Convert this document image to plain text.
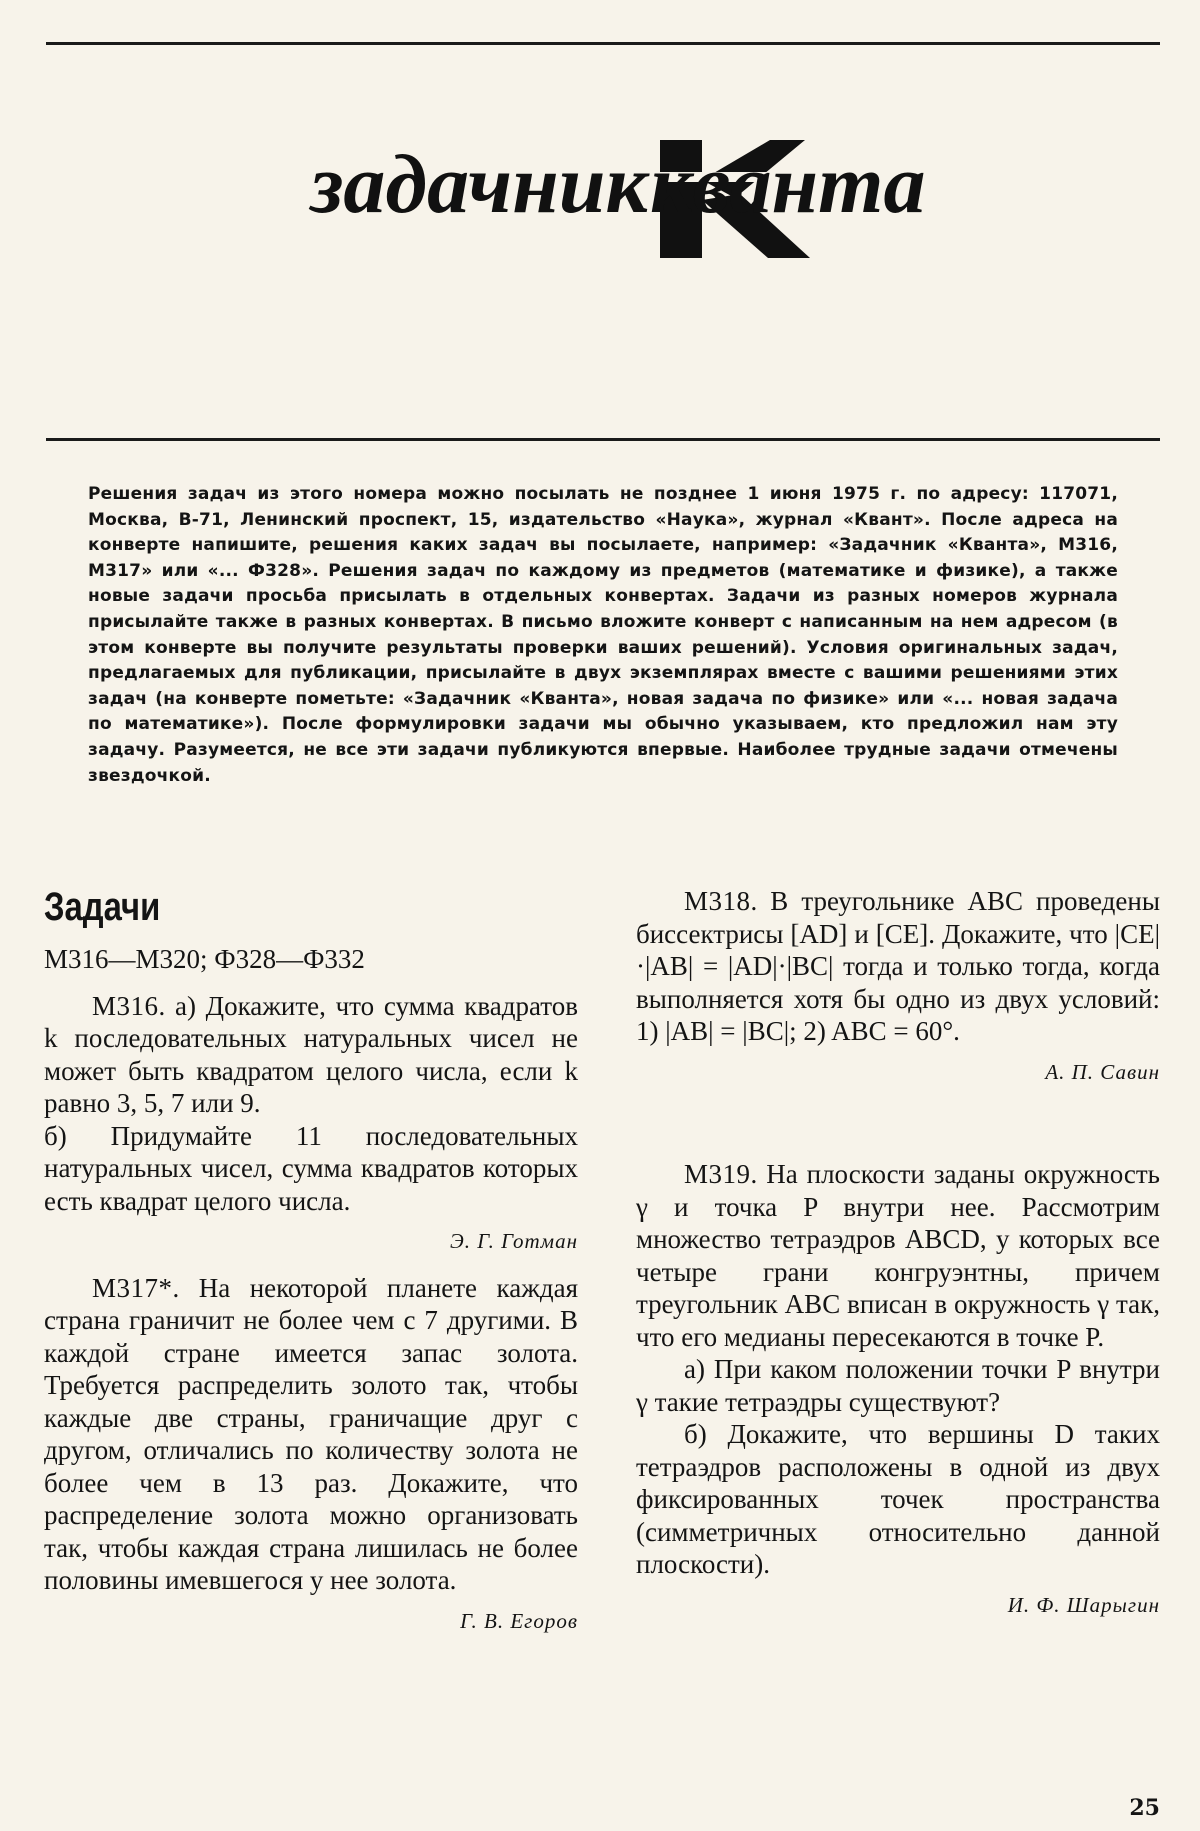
задачник кванта
Решения задач из этого номера можно посылать не позднее 1 июня 1975 г. по адресу: 117071, Москва, В-71, Ленинский проспект, 15, издательство «Наука», журнал «Квант». После адреса на конверте напишите, решения каких задач вы посылаете, например: «Задачник «Кванта», М316, М317» или «... Ф328». Решения задач по каждому из предметов (математике и физике), а также новые задачи просьба присылать в отдельных конвертах. Задачи из разных номеров журнала присылайте также в разных конвертах. В письмо вложите конверт с написанным на нем адресом (в этом конверте вы получите результаты проверки ваших решений). Условия оригинальных задач, предлагаемых для публикации, присылайте в двух экземплярах вместе с вашими решениями этих задач (на конверте пометьте: «Задачник «Кванта», новая задача по физике» или «... новая задача по математике»). После формулировки задачи мы обычно указываем, кто предложил нам эту задачу. Разумеется, не все эти задачи публикуются впервые. Наиболее трудные задачи отмечены звездочкой.
Задачи
М316—М320; Ф328—Ф332

М316. а) Докажите, что сумма квадратов k последовательных натуральных чисел не может быть квадратом целого числа, если k равно 3, 5, 7 или 9.

б) Придумайте 11 последовательных натуральных чисел, сумма квадратов которых есть квадрат целого числа.

Э. Г. Готман

М317*. На некоторой планете каждая страна граничит не более чем с 7 другими. В каждой стране имеется запас золота. Требуется распределить золото так, чтобы каждые две страны, граничащие друг с другом, отличались по количеству золота не более чем в 13 раз. Докажите, что распределение золота можно организовать так, чтобы каждая страна лишилась не более половины имевшегося у нее золота.

Г. В. Егоров

М318. В треугольнике ABC проведены биссектрисы [AD] и [CE]. Докажите, что |CE|·|AB| = |AD|·|BC| тогда и только тогда, когда выполняется хотя бы одно из двух условий: 1) |AB| = |BC|; 2) ABC = 60°.

А. П. Савин

М319. На плоскости заданы окружность γ и точка P внутри нее. Рассмотрим множество тетраэдров ABCD, у которых все четыре грани конгруэнтны, причем треугольник ABC вписан в окружность γ так, что его медианы пересекаются в точке P.

а) При каком положении точки P внутри γ такие тетраэдры существуют?

б) Докажите, что вершины D таких тетраэдров расположены в одной из двух фиксированных точек пространства (симметричных относительно данной плоскости).

И. Ф. Шарыгин
25
